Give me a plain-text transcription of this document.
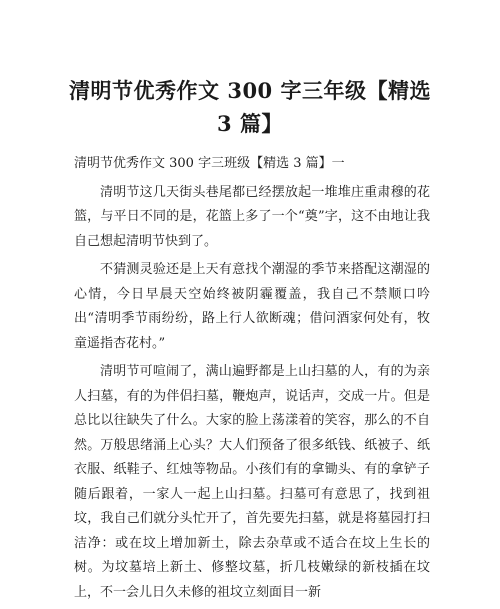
清明节优秀作文 300 字三年级【精选 3 篇】

清明节优秀作文 300 字三班级【精选 3 篇】一

清明节这几天街头巷尾都已经摆放起一堆堆庄重肃穆的花篮，与平日不同的是，花篮上多了一个“奠”字，这不由地让我自己想起清明节快到了。

不猜测灵验还是上天有意找个潮湿的季节来搭配这潮湿的心情，今日早晨天空始终被阴霾覆盖，我自己不禁顺口吟出“清明季节雨纷纷，路上行人欲断魂；借问酒家何处有，牧童遥指杏花村。”

清明节可喧闹了，满山遍野都是上山扫墓的人，有的为亲人扫墓，有的为伴侣扫墓，鞭炮声，说话声，交成一片。但是总比以往缺失了什么。大家的脸上荡漾着的笑容，那么的不自然。万般思绪涌上心头？大人们预备了很多纸钱、纸被子、纸衣服、纸鞋子、红烛等物品。小孩们有的拿锄头、有的拿铲子随后跟着，一家人一起上山扫墓。扫墓可有意思了，找到祖坟，我自己们就分头忙开了，首先要先扫墓，就是将墓园打扫洁净：或在坟上增加新土，除去杂草或不适合在坟上生长的树。为坟墓培上新土、修整坟墓，折几枝嫩绿的新枝插在坟上，不一会儿日久未修的祖坟立刻面目一新
